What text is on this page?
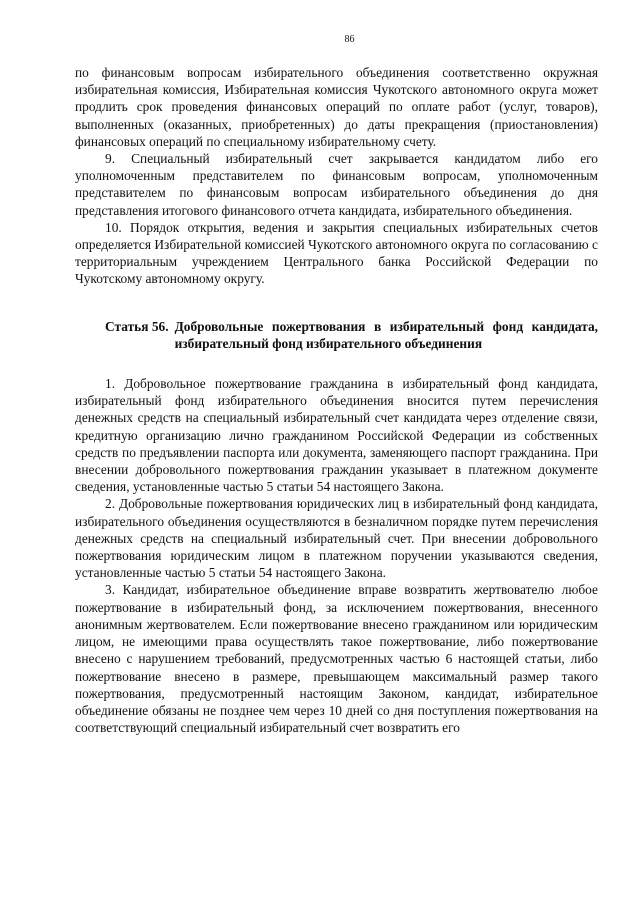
86

по финансовым вопросам избирательного объединения соответственно окружная избирательная комиссия, Избирательная комиссия Чукотского автономного округа может продлить срок проведения финансовых операций по оплате работ (услуг, товаров), выполненных (оказанных, приобретенных) до даты прекращения (приостановления) финансовых операций по специальному избирательному счету.

9. Специальный избирательный счет закрывается кандидатом либо его уполномоченным представителем по финансовым вопросам, уполномоченным представителем по финансовым вопросам избирательного объединения до дня представления итогового финансового отчета кандидата, избирательного объединения.

10. Порядок открытия, ведения и закрытия специальных избирательных счетов определяется Избирательной комиссией Чукотского автономного округа по согласованию с территориальным учреждением Центрального банка Российской Федерации по Чукотскому автономному округу.

Статья 56. Добровольные пожертвования в избирательный фонд кандидата, избирательный фонд избирательного объединения

1. Добровольное пожертвование гражданина в избирательный фонд кандидата, избирательный фонд избирательного объединения вносится путем перечисления денежных средств на специальный избирательный счет кандидата через отделение связи, кредитную организацию лично гражданином Российской Федерации из собственных средств по предъявлении паспорта или документа, заменяющего паспорт гражданина. При внесении добровольного пожертвования гражданин указывает в платежном документе сведения, установленные частью 5 статьи 54 настоящего Закона.

2. Добровольные пожертвования юридических лиц в избирательный фонд кандидата, избирательного объединения осуществляются в безналичном порядке путем перечисления денежных средств на специальный избирательный счет. При внесении добровольного пожертвования юридическим лицом в платежном поручении указываются сведения, установленные частью 5 статьи 54 настоящего Закона.

3. Кандидат, избирательное объединение вправе возвратить жертвователю любое пожертвование в избирательный фонд, за исключением пожертвования, внесенного анонимным жертвователем. Если пожертвование внесено гражданином или юридическим лицом, не имеющими права осуществлять такое пожертвование, либо пожертвование внесено с нарушением требований, предусмотренных частью 6 настоящей статьи, либо пожертвование внесено в размере, превышающем максимальный размер такого пожертвования, предусмотренный настоящим Законом, кандидат, избирательное объединение обязаны не позднее чем через 10 дней со дня поступления пожертвования на соответствующий специальный избирательный счет возвратить его
